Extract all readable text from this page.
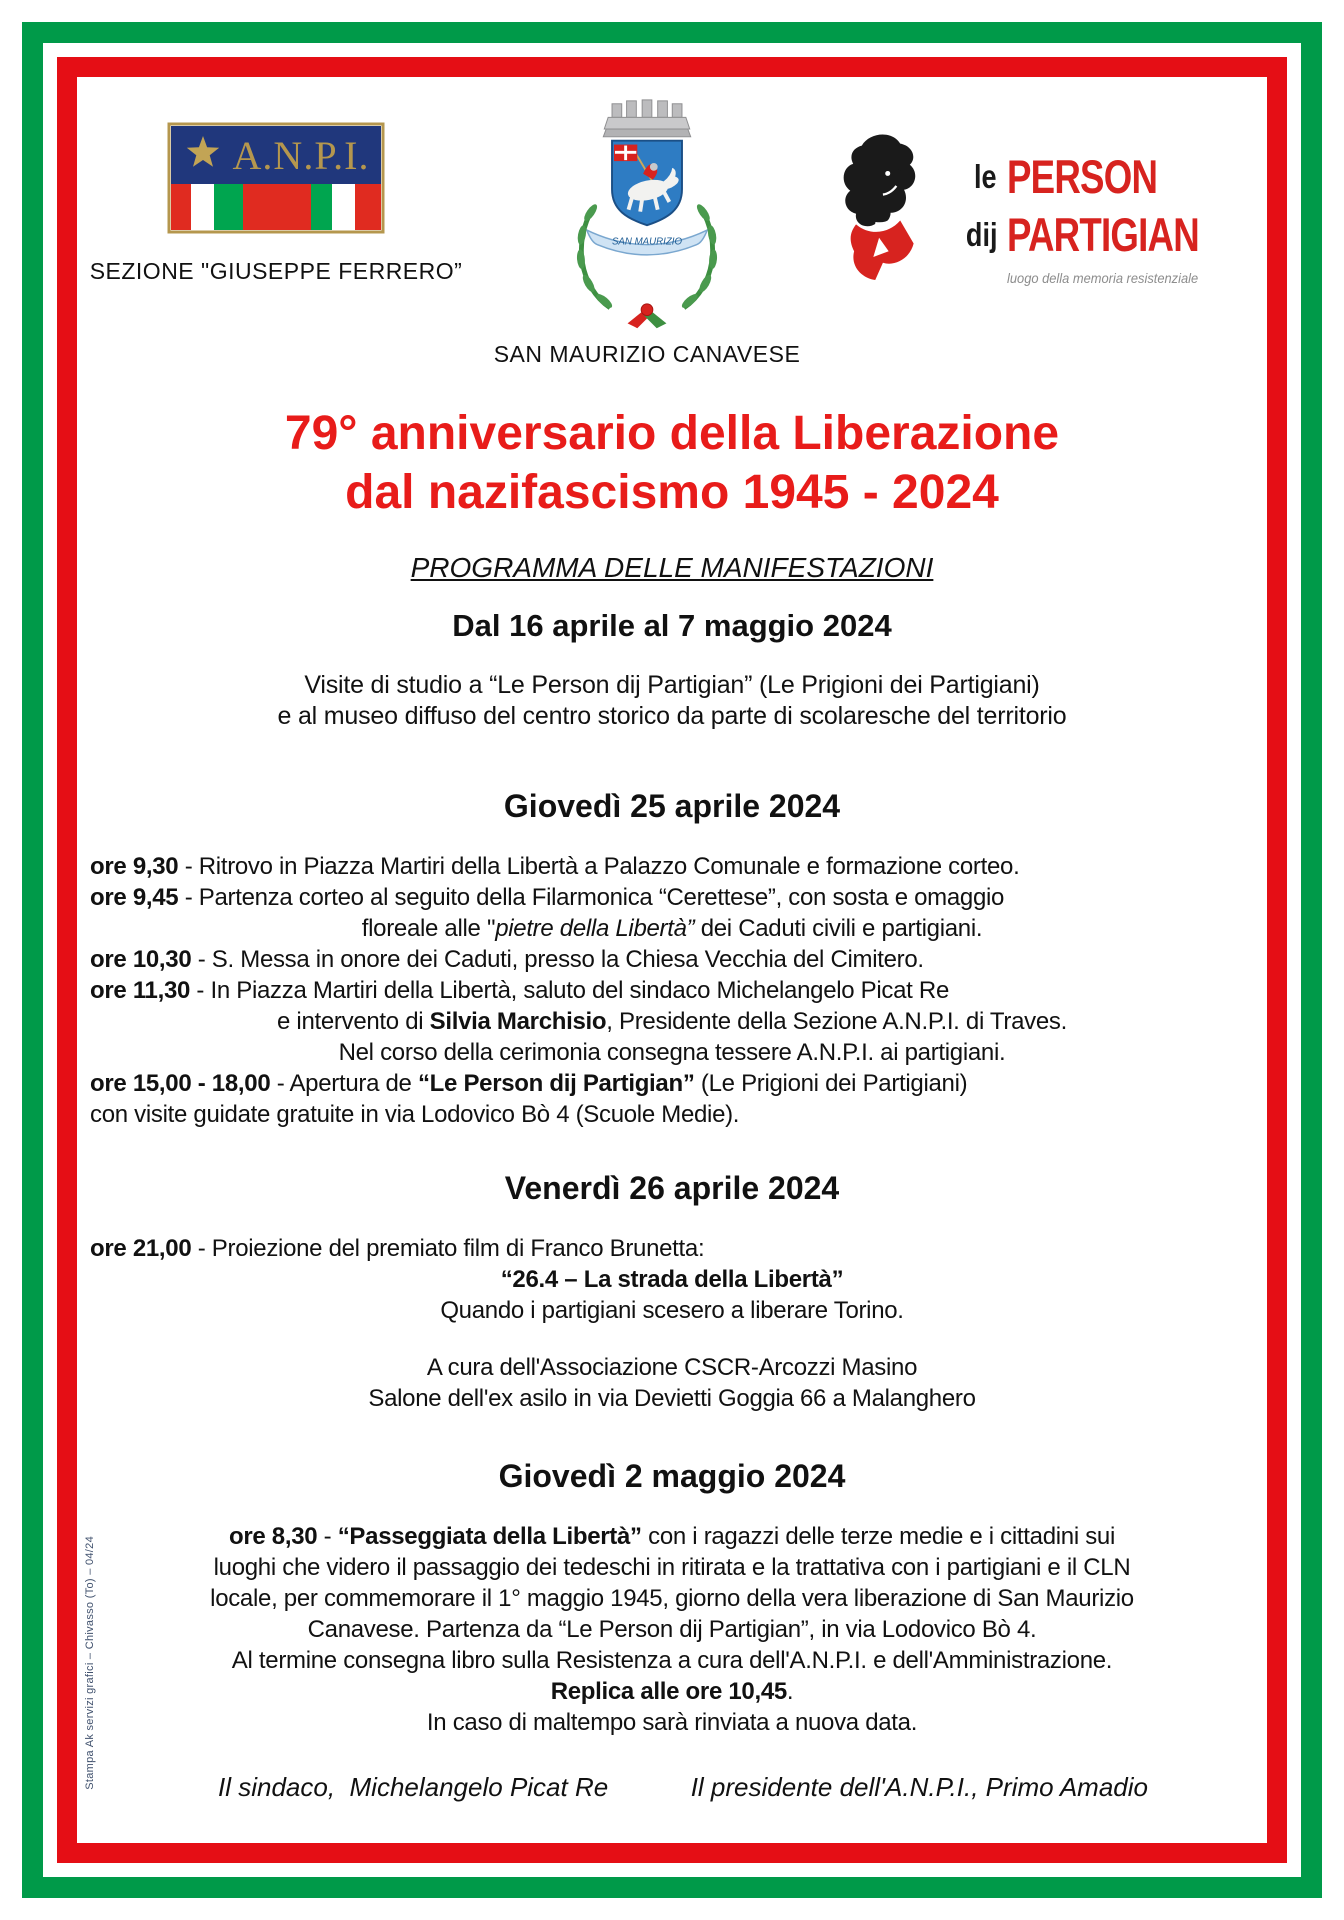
A.N.P.I.
SEZIONE "GIUSEPPE FERRERO”
SAN MAURIZIO
SAN MAURIZIO CANAVESE
le PERSON
dij PARTIGIAN
luogo della memoria resistenziale
79° anniversario della Liberazione
dal nazifascismo 1945 - 2024
PROGRAMMA DELLE MANIFESTAZIONI
Dal 16 aprile al 7 maggio 2024
Visite di studio a “Le Person dij Partigian” (Le Prigioni dei Partigiani)
e al museo diffuso del centro storico da parte di scolaresche del territorio
Giovedì 25 aprile 2024
ore 9,30 - Ritrovo in Piazza Martiri della Libertà a Palazzo Comunale e formazione corteo.
ore 9,45 - Partenza corteo al seguito della Filarmonica “Cerettese”, con sosta e omaggio
floreale alle "pietre della Libertà” dei Caduti civili e partigiani.
ore 10,30 - S. Messa in onore dei Caduti, presso la Chiesa Vecchia del Cimitero.
ore 11,30 - In Piazza Martiri della Libertà, saluto del sindaco Michelangelo Picat Re
e intervento di Silvia Marchisio, Presidente della Sezione A.N.P.I. di Traves.
Nel corso della cerimonia consegna tessere A.N.P.I. ai partigiani.
ore 15,00 - 18,00 - Apertura de “Le Person dij Partigian” (Le Prigioni dei Partigiani)
con visite guidate gratuite in via Lodovico Bò 4 (Scuole Medie).
Venerdì 26 aprile 2024
ore 21,00 - Proiezione del premiato film di Franco Brunetta:
“26.4 – La strada della Libertà”
Quando i partigiani scesero a liberare Torino.
A cura dell'Associazione CSCR-Arcozzi Masino
Salone dell'ex asilo in via Devietti Goggia 66 a Malanghero
Giovedì 2 maggio 2024
ore 8,30 - “Passeggiata della Libertà” con i ragazzi delle terze medie e i cittadini sui
luoghi che videro il passaggio dei tedeschi in ritirata e la trattativa con i partigiani e il CLN
locale, per commemorare il 1° maggio 1945, giorno della vera liberazione di San Maurizio
Canavese. Partenza da “Le Person dij Partigian”, in via Lodovico Bò 4.
Al termine consegna libro sulla Resistenza a cura dell'A.N.P.I. e dell'Amministrazione.
Replica alle ore 10,45.
In caso di maltempo sarà rinviata a nuova data.
Il sindaco,  Michelangelo Picat Re	Il presidente dell'A.N.P.I., Primo Amadio
Stampa Ak servizi grafici – Chivasso (To) – 04/24
